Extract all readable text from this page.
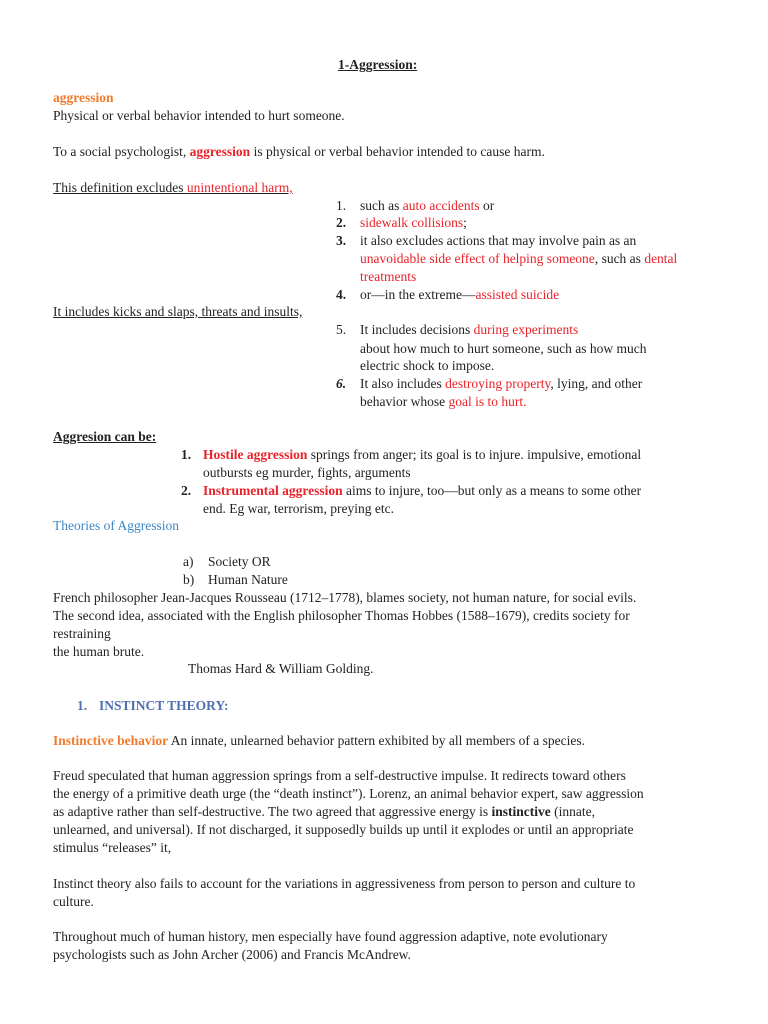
1-Aggression:
aggression
Physical or verbal behavior intended to hurt someone.
To a social psychologist, aggression is physical or verbal behavior intended to cause harm.
This definition excludes unintentional harm,
1. such as auto accidents or
2. sidewalk collisions;
3. it also excludes actions that may involve pain as an
unavoidable side effect of helping someone, such as dental
treatments
4. or—in the extreme—assisted suicide
It includes kicks and slaps, threats and insults,
5. It includes decisions during experiments
about how much to hurt someone, such as how much
electric shock to impose.
6. It also includes destroying property, lying, and other
behavior whose goal is to hurt.
Aggresion can be:
1. Hostile aggression springs from anger; its goal is to injure. impulsive, emotional
outbursts eg murder, fights, arguments
2. Instrumental aggression aims to injure, too—but only as a means to some other
end. Eg war, terrorism, preying etc.
Theories of Aggression
a) Society OR
b) Human Nature
French philosopher Jean-Jacques Rousseau (1712–1778), blames society, not human nature, for social evils.
The second idea, associated with the English philosopher Thomas Hobbes (1588–1679), credits society for
restraining
the human brute.
Thomas Hard & William Golding.
1. INSTINCT THEORY:
Instinctive behavior An innate, unlearned behavior pattern exhibited by all members of a species.
Freud speculated that human aggression springs from a self-destructive impulse. It redirects toward others
the energy of a primitive death urge (the “death instinct”). Lorenz, an animal behavior expert, saw aggression
as adaptive rather than self-destructive. The two agreed that aggressive energy is instinctive (innate,
unlearned, and universal). If not discharged, it supposedly builds up until it explodes or until an appropriate
stimulus “releases” it,
Instinct theory also fails to account for the variations in aggressiveness from person to person and culture to
culture.
Throughout much of human history, men especially have found aggression adaptive, note evolutionary
psychologists such as John Archer (2006) and Francis McAndrew.
